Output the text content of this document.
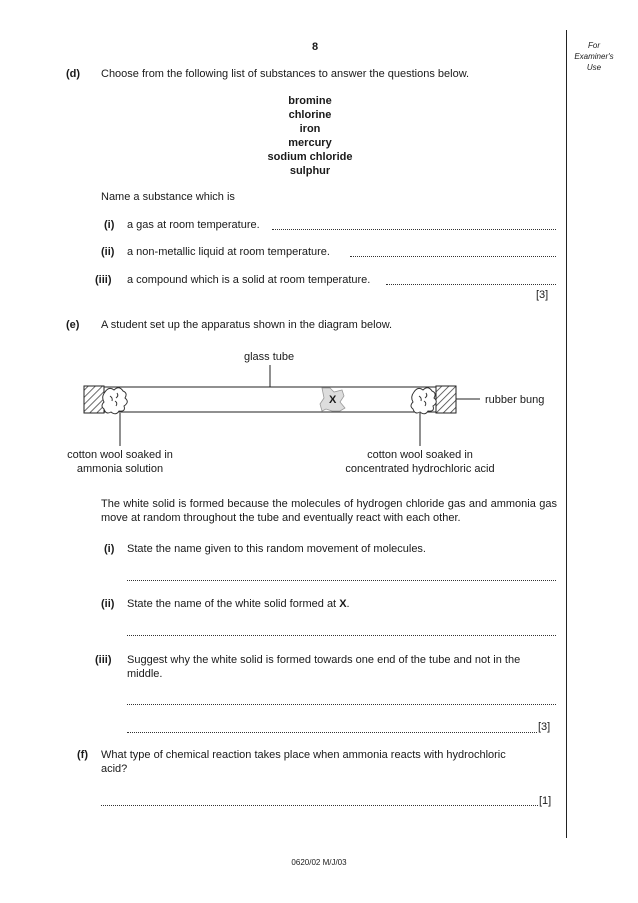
For
Examiner's
Use
8
(d) Choose from the following list of substances to answer the questions below.
bromine
chlorine
iron
mercury
sodium chloride
sulphur
Name a substance which is
(i) a gas at room temperature.
(ii) a non-metallic liquid at room temperature.
(iii) a compound which is a solid at room temperature.
[3]
(e) A student set up the apparatus shown in the diagram below.
glass tube
X	rubber bung
cotton wool soaked in
ammonia solution
cotton wool soaked in
concentrated hydrochloric acid
The white solid is formed because the molecules of hydrogen chloride gas and ammonia gas move at random throughout the tube and eventually react with each other.
(i) State the name given to this random movement of molecules.
(ii) State the name of the white solid formed at X.
(iii) Suggest why the white solid is formed towards one end of the tube and not in the
middle.
[3]
(f) What type of chemical reaction takes place when ammonia reacts with hydrochloric
acid?
[1]
0620/02 M/J/03
